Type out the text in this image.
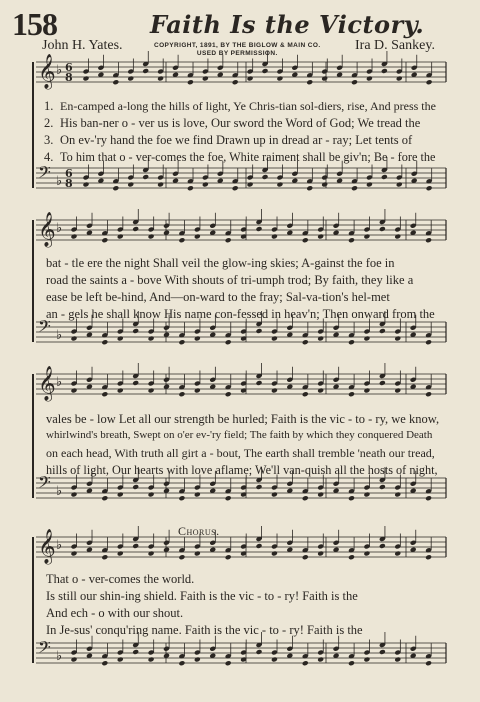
158	Faith Is the Victory.
John H. Yates.	COPYRIGHT, 1891, BY THE BIGLOW & MAIN CO.
USED BY PERMISSION.
Ira D. Sankey.
𝄞 ♭ 6
8
𝄢 ♭
6
8
1. En-camped a-long the hills of light, Ye Chris-tian sol-diers, rise, And press the
2. His ban-ner o - ver us is love, Our sword the Word of God; We tread the
3. On ev-'ry hand the foe we find Drawn up in dread ar - ray; Let tents of
4. To him that o - ver-comes the foe, White raiment shall be giv'n; Be - fore the
𝄞 ♭
𝄢 ♭
bat - tle ere the night Shall veil the glow-ing skies; A-gainst the foe in
road the saints a - bove With shouts of tri-umph trod; By faith, they like a
ease be left be-hind, And—on-ward to the fray; Sal-va-tion's hel-met
an - gels he shall know His name con-fessed in heav'n; Then onward from the
𝄞 ♭
𝄢 ♭
vales be - low Let all our strength be hurled; Faith is the vic - to - ry, we know,
whirlwind's breath, Swept on o'er ev-'ry field; The faith by which they conquered Death
on each head, With truth all girt a - bout, The earth shall tremble 'neath our tread,
hills of light, Our hearts with love aflame; We'll van-quish all the hosts of night,
𝄞 ♭
𝄢 ♭
That o - ver-comes the world.
Is still our shin-ing shield. Faith is the vic - to - ry! Faith is the
And ech - o with our shout.
In Je-sus' conqu'ring name. Faith is the vic - to - ry! Faith is the
Chorus.
